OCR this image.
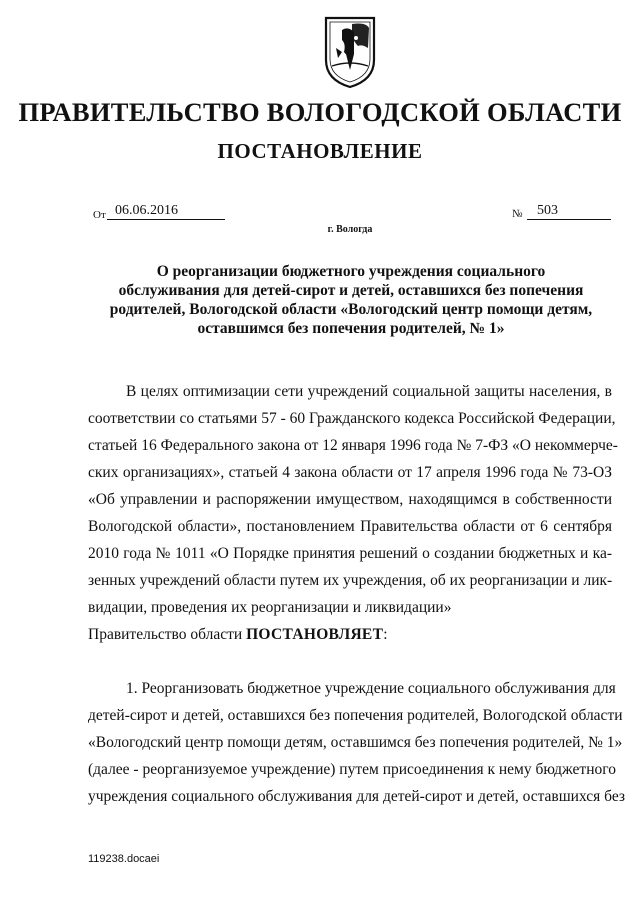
ПРАВИТЕЛЬСТВО ВОЛОГОДСКОЙ ОБЛАСТИ
ПОСТАНОВЛЕНИЕ
От 06.06.2016	№ 503
г. Вологда
О реорганизации бюджетного учреждения социального
обслуживания для детей-сирот и детей, оставшихся без попечения
родителей, Вологодской области «Вологодский центр помощи детям,
оставшимся без попечения родителей, № 1»
В целях оптимизации сети учреждений социальной защиты населения, в
соответствии со статьями 57 - 60 Гражданского кодекса Российской Федерации,
статьей 16 Федерального закона от 12 января 1996 года № 7-ФЗ «О некоммерче-
ских организациях», статьей 4 закона области от 17 апреля 1996 года № 73-ОЗ
«Об управлении и распоряжении имуществом, находящимся в собственности
Вологодской области», постановлением Правительства области от 6 сентября
2010 года № 1011 «О Порядке принятия решений о создании бюджетных и ка-
зенных учреждений области путем их учреждения, об их реорганизации и лик-
видации, проведения их реорганизации и ликвидации»
Правительство области ПОСТАНОВЛЯЕТ:
1. Реорганизовать бюджетное учреждение социального обслуживания для
детей-сирот и детей, оставшихся без попечения родителей, Вологодской области
«Вологодский центр помощи детям, оставшимся без попечения родителей, № 1»
(далее - реорганизуемое учреждение) путем присоединения к нему бюджетного
учреждения социального обслуживания для детей-сирот и детей, оставшихся без
119238.docaei
